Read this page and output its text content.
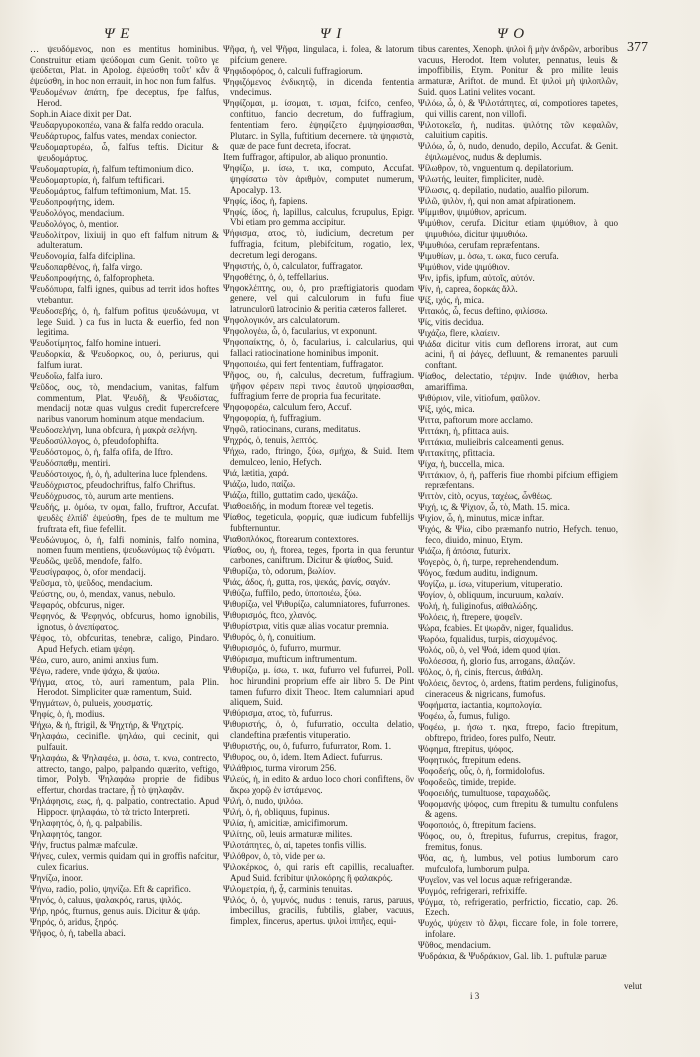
Ψ E	Ψ I	Ψ O
377

… ψευδόμενος, non es mentitus hominibus. Construitur etiam ψεύδομαι cum Genit. τοῦτο γε ψεύδεται, Plat. in Apolog. ἐψεύσθη τοῦτ' κἂν ἃ ἐψεύσθη, in hoc non errauit, in hoc non fum falfus.

Ψευδομένων ἀπάτη, fpe deceptus, fpe falfus, Herod.

Soph.in Aiace dixit per Dat.

Ψευδαργυροκοπέω, vana & falfa reddo oracula.

Ψευδάρτυρος, falfus vates, mendax coniector.

Ψευδομαρτυρέω, ὦ, falfus teftis. Dicitur & ψευδομάρτυς.

Ψευδομαρτυρία, ἡ, falfum teftimonium dico.

Ψευδομαρτυρία, ἡ, falfum teftificari.

Ψευδομάρτυς, falfum teftimonium, Mat. 15.

Ψευδοπροφήτης, idem.

Ψευδολόγος, mendacium.

Ψευδολόγος, ὁ, mentior.

Ψευδολίτρον, lixiuij in quo eft falfum nitrum & adulteratum.

Ψευδονομία, falfa difciplina.

Ψευδοπαρθένος, ἡ, falfa virgo.

Ψευδοπροφήτης, ὁ, falfopropheta.

Ψευδόπυρα, falfi ignes, quibus ad territ idos hoftes vtebantur.

Ψευδοσεβής, ὁ, ἡ, falfum pofitus ψευδώνυμα, vt lege Suid. ) ca fus in lucta & euerfio, fed non legitima.

Ψευδοτίμητος, falfo homine intueri.

Ψευδορκία, & Ψευδορκος, ου, ὁ, periurus, qui falfum iurat.

Ψευδοΐω, falfa iuro.

Ψεῦδος, ους, τὸ, mendacium, vanitas, falfum commentum, Plat. Ψευδῆ, & Ψευδίστας, mendacij notæ quas vulgus credit fupercrefcere naribus vanorum hominum atque mendacium.

Ψευδοσελήνη, luna obfcura, ἡ μακρὰ σελήνη.

Ψευδοσύλλογος, ὁ, pfeudofophifta.

Ψευδόστομος, ὁ, ἡ, falfa ofifa, de Iftro.

Ψευδόσπαθμ, mentiri.

Ψευδόστοιχος, ἡ, ὁ, ἡ, adulterina luce fplendens.

Ψευδόχριστος, pfeudochriftus, falfo Chriftus.

Ψευδόχρυσος, τὸ, aurum arte mentiens.

Ψευδής, μ. ὁμόω, τν ομαι, fallo, fruftror, Accufat. ψευδὲς ἐλπίδ' ἐψεύσθη, fpes de te multum me fruftrata eft, fiue fefellit.

Ψευδώνυμος, ὁ, ἡ, falfi nominis, falfo nomina, nomen fuum mentiens, ψευδωνύμως τῷ ἐνόματι.

Ψευδῶς, ψεῦδ, mendofe, falfo.

Ψευσίγραφος, ὁ, ofor mendacij.

Ψεῦσμα, τὸ, ψεῦδος, mendacium.

Ψεύστης, ου, ὁ, mendax, vanus, nebulo.

Ψεφαρός, obfcurus, niger.

Ψεφηνός, & Ψεφηνός, obfcurus, homo ignobilis, ignotus, ὁ ἀνεπίφατος.

Ψέφος, τὸ, obfcuritas, tenebræ, caligo, Pindaro. Apud Hefych. etiam ψέφη.

Ψέω, curo, auro, animi anxius fum.

Ψέγω, radere, vnde ψάχω, & ψαύω.

Ψήγμα, ατος, τὸ, auri ramentum, pala Plin. Herodot. Simpliciter quæ ramentum, Suid.

Ψηγμάτων, ὁ, pulueis, χουσματίς.

Ψηφίς, ὁ, ἡ, modius.

Ψήχω, & ἡ, ftrigil, & Ψηχτήρ, & Ψηχτρίς.

Ψηλαφάω, cecinifle. ψηλάω, qui cecinit, qui pulfauit.

Ψηλαφάω, & Ψηλαφέω, μ. ὁσω, τ. κνω, contrecto, attrecto, tango, palpo, palpando quærito, veftigo, timor, Polyb. Ψηλαφάω proprie de fidibus effertur, chordas tractare, ᾗ τὸ ψηλαφᾶν.

Ψηλάφησις, εως, ἡ, q. palpatio, contrectatio. Apud Hippocr. ψηλαφάω, τὸ τὰ tricto Interpreti.

Ψηλαφητός, ὁ, ἡ, q. palpabilis.

Ψηλαφητός, tangor.

Ψήν, fructus palmæ mafculæ.

Ψήνες, culex, vermis quidam qui in groffis nafcitur, culex ficarius.

Ψηνίζω, inoor.

Ψήνω, radio, polio, ψηνίζω. Eft & caprifico.

Ψηνός, ὁ, caluus, ψαλακρός, rarus, ψιλός.

Ψήρ, ηρός, fturnus, genus auis. Dicitur & ψάρ.

Ψηρός, ὁ, aridus, ξηρός.

Ψῆφος, ὁ, ἡ, tabella abaci.

Ψῆφα, ἡ, vel Ψῆφα, lingulaca, i. folea, & latorum pifcium genere.

Ψηφιδοφόρος, ὁ, calculi fuffragiorum.

Ψηφιζόμενος ἐνδικητῷ, in dicenda fententia vndecimus.

Ψηφίζομαι, μ. ίσομαι, τ. ισμαι, fcifco, cenfeo, conftituo, fancio decretum, do fuffragium, fententiam fero. ἐψηφίζετο ἐμψηφίσασθαι, Plutarc. in Sylla, fuftitium decernere. τὰ ψηφιστὰ, quæ de pace funt decreta, ifocrat.

Item fuffragor, aftipulor, ab aliquo pronuntio.

Ψηφίζω, μ. ίσω, τ. ικα, computo, Accufat. ψηφίσατω τὸν ἀριθμὸν, computet numerum, Apocalyp. 13.

Ψηφίς, ίδος, ἡ, fapiens.

Ψηφίς, ίδος, ἡ, lapillus, calculus, fcrupulus, Epigr. Vbi etiam pro gemma accipitur.

Ψήφισμα, ατος, τὸ, iudicium, decretum per fuffragia, fcitum, plebifcitum, rogatio, lex, decretum legi derogans.

Ψηφιστής, ὁ, ὁ, calculator, fuffragator.

Ψηφοθέτης, ὁ, ὁ, teffellarius.

Ψηφοκλέπτης, ου, ὁ, pro præftigiatoris quodam genere, vel qui calculorum in fufu fiue latrunculorū latrocinio & peritia cæteros falleret.

Ψηφολογικόν, ars calculatorum.

Ψηφολογέω, ὦ, ὁ, facularius, vt exponunt.

Ψηφοπαίκτης, ὁ, ὁ, facularius, i. calcularius, qui fallaci ratiocinatione hominibus imponit.

Ψηφοποιέω, qui fert fententiam, fuffragator.

Ψῆφος, ου, ἡ, calculus, decretum, fuffragium. ψῆφον φέρειν περὶ τινος ἑαυτοῦ ψηφίσασθαι, fuffragium ferre de propria fua fecuritate.

Ψηφοφορέω, calculum fero, Accuf.

Ψηφοφορία, ἡ, fuffragium.

Ψηφῶ, ratiocinans, curans, meditatus.

Ψηχρός, ὁ, tenuis, λεπτός.

Ψήχω, rado, ftringo, ξύω, σμήχω, & Suid. Item demulceo, lenio, Hefych.

Ψιά, lætitia, χαρά.

Ψιάζω, ludo, παίζω.

Ψιάζω, ftillo, guttatim cado, ψεκάζω.

Ψιαθοειδής, in modum ftoreæ vel tegetis.

Ψίαθος, tegeticula, φορμίς, quæ iudicum fubfellijs fubfternuntur.

Ψιαθοπλόκος, ftorearum contextores.

Ψίαθος, ου, ἡ, ftorea, teges, fporta in qua feruntur carbones, caniftrum. Dicitur & ψίαθος, Suid.

Ψιθυρίζω, τὸ, odorum, βωλίον.

Ψιάς, άδος, ἡ, gutta, ros, ψεκάς, ῥανίς, σαγάν.

Ψιθύζω, fuffilo, pedo, ὑποποιέω, ξύω.

Ψιθυρίζω, vel Ψιθυρίζω, calumniatores, fufurrones.

Ψιθυρισμός, ftco, χλανός.

Ψιθυρίστρια, vitis quæ alias vocatur premnia.

Ψιθυρός, ὁ, ἡ, conuitium.

Ψιθυρισμός, ὁ, fufurro, murmur.

Ψιθύρισμα, mufticum inftrumentum.

Ψιθυρίζω, μ. ίσω, τ. ικα, fufurro vel fufurrei, Poll. hoc hirundini proprium effe air libro 5. De Pint tamen fufurro dixit Theoc. Item calumniari apud aliquem, Suid.

Ψιθύρισμα, ατος, τὸ, fufurrus.

Ψιθυριστής, ὁ, ὁ, fufurratio, occulta delatio, clandeftina præfentis vituperatio.

Ψιθυριστής, ου, ὁ, fufurro, fufurrator, Rom. 1.

Ψιθυρος, ου, ὁ, idem. Item Adiect. fufurrus.

Ψιλάθριος, turma virorum 256.

Ψιλεύς, ἡ, in edito & arduo loco chori confiftens, ὃν ἄκρω χορῷ ἐν ἱστάμενος.

Ψιλή, ὁ, nudo, ψιλόω.

Ψιλή, ὁ, ἡ, obliquus, fupinus.

Ψιλία, ἡ, amicitiæ, amicifimorum.

Ψιλίτης, οῦ, leuis armaturæ milites.

Ψιλοτάπητες, ὁ, αἱ, tapetes tonfis villis.

Ψιλόθρον, ὁ, τὸ, vide per ω.

Ψιλοκέρκος, ὁ, qui raris eft capillis, recaluafter. Apud Suid. fcribitur ψιλοκόρης ἢ φαλακρός.

Ψιλομετρία, ἡ, ᾆ, carminis tenuitas.

Ψιλός, ὁ, ὁ, γυμνός, nudus : tenuis, rarus, paruus, imbecillus, gracilis, fubtilis, glaber, vacuus, fimplex, fincerus, apertus. ψιλοὶ ἱππῆες, equi-

tibus carentes, Xenoph. ψιλοὶ ἢ μὴν ἀνδρῶν, arboribus vacuus, Herodot. Item voluter, pennatus, leuis & impoffibilis, Etym. Ponitur & pro milite leuis armaturæ, Ariftot. de mund. Et ψιλοὶ μὴ ψιλοπλῶν, Suid. quos Latini velites vocant.

Ψιλόω, ὦ, ὁ, & Ψιλοτάπητες, αἱ, compotiores tapetes, qui villis carent, non villofi.

Ψιλοτοκεῖα, ἡ, nuditas. ψιλότης τῶν κεφαλῶν, caluitium capitis.

Ψιλόω, ὦ, ὁ, nudo, denudo, depilo, Accufat. & Genit. ἐψιλωμένος, nudus & deplumis.

Ψίλωθρον, τὸ, vnguentum q. depilatorium.

Ψιλωτής, leuiter, fimpliciter, nudè.

Ψίλωσις, q. depilatio, nudatio, aualfio pilorum.

Ψιλῶ, ψιλὸν, ἡ, qui non amat afpirationem.

Ψίμμιθον, ψιμύθιον, apricum.

Ψιμύθιον, cerufa. Dicitur etiam ψιμύθιον, à quo ψιμυθιόω, dicitur ψιμυθιόω.

Ψιμυθιόω, cerufam repræfentans.

Ψιμυθίων, μ. ὀσω, τ. ωκα, fuco cerufa.

Ψιμύθιον, vide ψιμύθιον.

Ψιν, ipfis, ipfum, αὐτοῖς, αὐτόν.

Ψίν, ἡ, caprea, δορκάς ἄλλ.

Ψίξ, ιχός, ἡ, mica.

Ψιτακός, ὦ, fecus deftino, φιλίσσω.

Ψίς, vitis decidua.

Ψιχάζω, flere, κλαίειν.

Ψιάδα dicitur vitis cum deflorens irrorat, aut cum acini, ἢ αἱ ῥάγες, defluunt, & remanentes paruuli conftant.

Ψίαθος, delectatio, τέρψιν. Inde ψιάθιον, herba amariffima.

Ψιθύριον, vile, vitiofum, φαῦλον.

Ψίξ, ιχός, mica.

Ψιττα, paftorum more acclamo.

Ψιττάκη, ἡ, pfittaca auis.

Ψιττάκια, mulieibris calceamenti genus.

Ψιττακίτης, pfittacia.

Ψίχα, ἡ, buccella, mica.

Ψιττάκιον, ὁ, ἡ, pafferis fiue rhombi pifcium effigiem repræfentans.

Ψιττὸν, citò, ocyus, ταχέως, ὦνθέως.

Ψιχή, ις, & Ψίχιον, ὦ, τὸ, Math. 15. mica.

Ψιχίον, ὦ, ἡ, minutus, micæ inftar.

Ψιχός, & Ψίω, cibo præmanfo nutrio, Hefych. tenuo, feco, diuido, minuo, Etym.

Ψιάζω, ἢ ἀπόσια, futurix.

Ψογερὸς, ὁ, ἡ, turpe, reprehendendum.

Ψόγος, fœdum auditu, indignum.

Ψογίζω, μ. ίσω, vituperium, vituperatio.

Ψογίον, ὁ, obliquum, incuruum, καλαίν.

Ψολή, ἡ, fuliginofus, αἰθαλώδης.

Ψολόεις, ἡ, ftrepere, ψοφεῖν.

Ψώρα, fcabies. Et ψωρᾶν, niger, fqualidus.

Ψωρόω, fqualidus, turpis, αἰσχυμένος.

Ψολός, οῦ, ὁ, vel Ψοά, idem quod ψίαι.

Ψολόεσσα, ἡ, glorio fus, arrogans, ἀλαζών.

Ψόλος, ὁ, ἡ, cinis, ftercus, ἀιθάλη.

Ψολόεις, ὄεντος, ὁ, ardens, ftatim perdens, fuliginofus, cineraceus & nigricans, fumofus.

Ψοφήματα, iactantia, κομπολογία.

Ψοφέω, ὦ, fumus, fuligo.

Ψοφέω, μ. ήσω τ. ηκα, ftrepo, facio ftrepitum, obftrepo, ftrideo, fores pulfo, Neutr.

Ψόφημα, ftrepitus, ψόφος.

Ψοφητικός, ftrepitum edens.

Ψοφοδεής, οὖς, ὁ, ἡ, formidolofus.

Ψοφοδεῶς, timide, trepide.

Ψοφοειδής, tumultuose, ταραχωδῶς.

Ψοφομανής ψόφος, cum ftrepitu & tumultu confulens & agens.

Ψοφοποιός, ὁ, ftrepitum faciens.

Ψόφος, ου, ὁ, ftrepitus, fufurrus, crepitus, fragor, fremitus, fonus.

Ψόα, ας, ἡ, lumbus, vel potius lumborum caro mufculofa, lumborum pulpa.

Ψυγεῖον, vas vel locus aquæ refrigerandæ.

Ψυγμός, refrigerari, refrixiffe.

Ψύγμα, τὸ, refrigeratio, perfrictio, ficcatio, cap. 26. Ezech.

Ψυχός, ψύχειν τὸ ἄλφι, ficcare fole, in fole torrere, infolare.

Ψῦθος, mendacium.

Ψυδράκια, & Ψυδράκιον, Gal. lib. 1. puftulæ paruæ

i 3
velut
